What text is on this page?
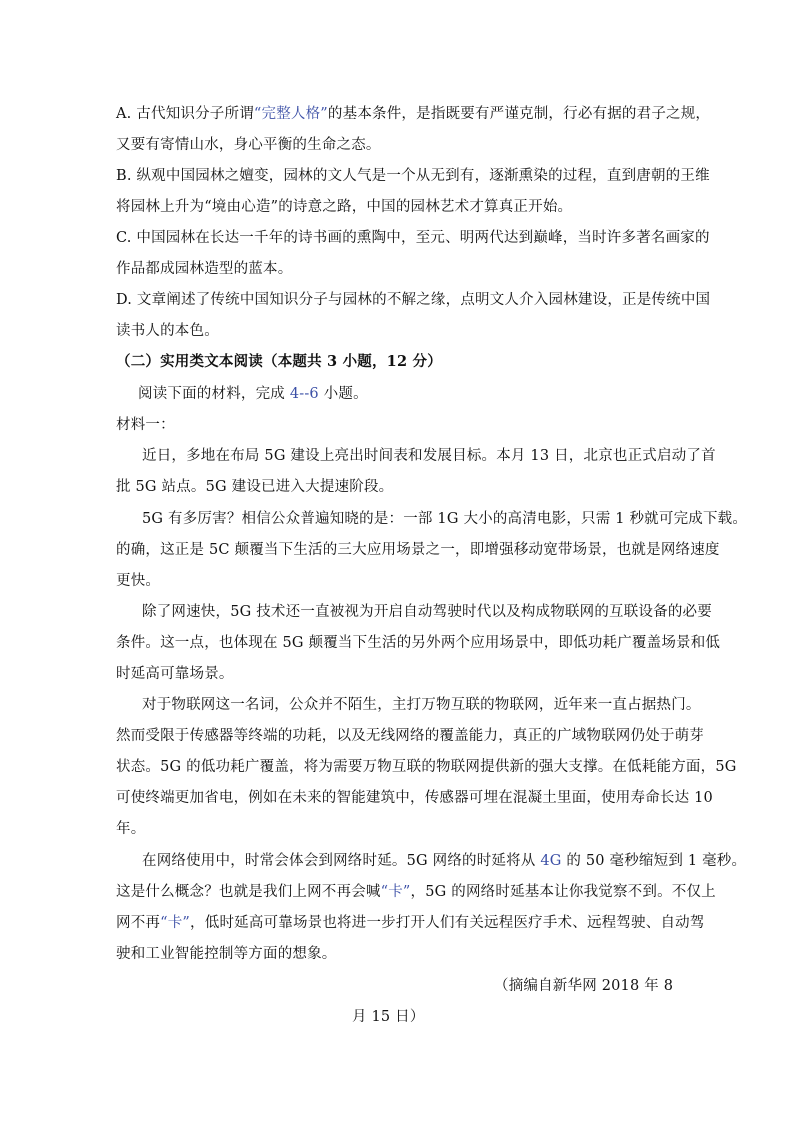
A. 古代知识分子所谓“完整人格”的基本条件，是指既要有严谨克制，行必有据的君子之规，
又要有寄情山水，身心平衡的生命之态。
B. 纵观中国园林之嬗变，园林的文人气是一个从无到有，逐渐熏染的过程，直到唐朝的王维
将园林上升为“境由心造”的诗意之路，中国的园林艺术才算真正开始。
C. 中国园林在长达一千年的诗书画的熏陶中，至元、明两代达到巅峰，当时许多著名画家的
作品都成园林造型的蓝本。
D. 文章阐述了传统中国知识分子与园林的不解之缘，点明文人介入园林建设，正是传统中国
读书人的本色。
（二）实用类文本阅读（本题共 3 小题，12 分）
阅读下面的材料，完成 4--6 小题。
材料一：
近日，多地在布局 5G 建设上亮出时间表和发展目标。本月 13 日，北京也正式启动了首
批 5G 站点。5G 建设已进入大提速阶段。
5G 有多厉害？相信公众普遍知晓的是：一部 1G 大小的高清电影，只需 1 秒就可完成下载。
的确，这正是 5C 颠覆当下生活的三大应用场景之一，即增强移动宽带场景，也就是网络速度
更快。
除了网速快，5G 技术还一直被视为开启自动驾驶时代以及构成物联网的互联设备的必要
条件。这一点，也体现在 5G 颠覆当下生活的另外两个应用场景中，即低功耗广覆盖场景和低
时延高可靠场景。
对于物联网这一名词，公众并不陌生，主打万物互联的物联网，近年来一直占据热门。
然而受限于传感器等终端的功耗，以及无线网络的覆盖能力，真正的广域物联网仍处于萌芽
状态。5G 的低功耗广覆盖，将为需要万物互联的物联网提供新的强大支撑。在低耗能方面，5G
可使终端更加省电，例如在未来的智能建筑中，传感器可埋在混凝土里面，使用寿命长达 10
年。
在网络使用中，时常会体会到网络时延。5G 网络的时延将从 4G 的 50 毫秒缩短到 1 毫秒。
这是什么概念？也就是我们上网不再会喊“卡”，5G 的网络时延基本让你我觉察不到。不仅上
网不再“卡”，低时延高可靠场景也将进一步打开人们有关远程医疗手术、远程驾驶、自动驾
驶和工业智能控制等方面的想象。
（摘编自新华网 2018 年 8
月 15 日）
